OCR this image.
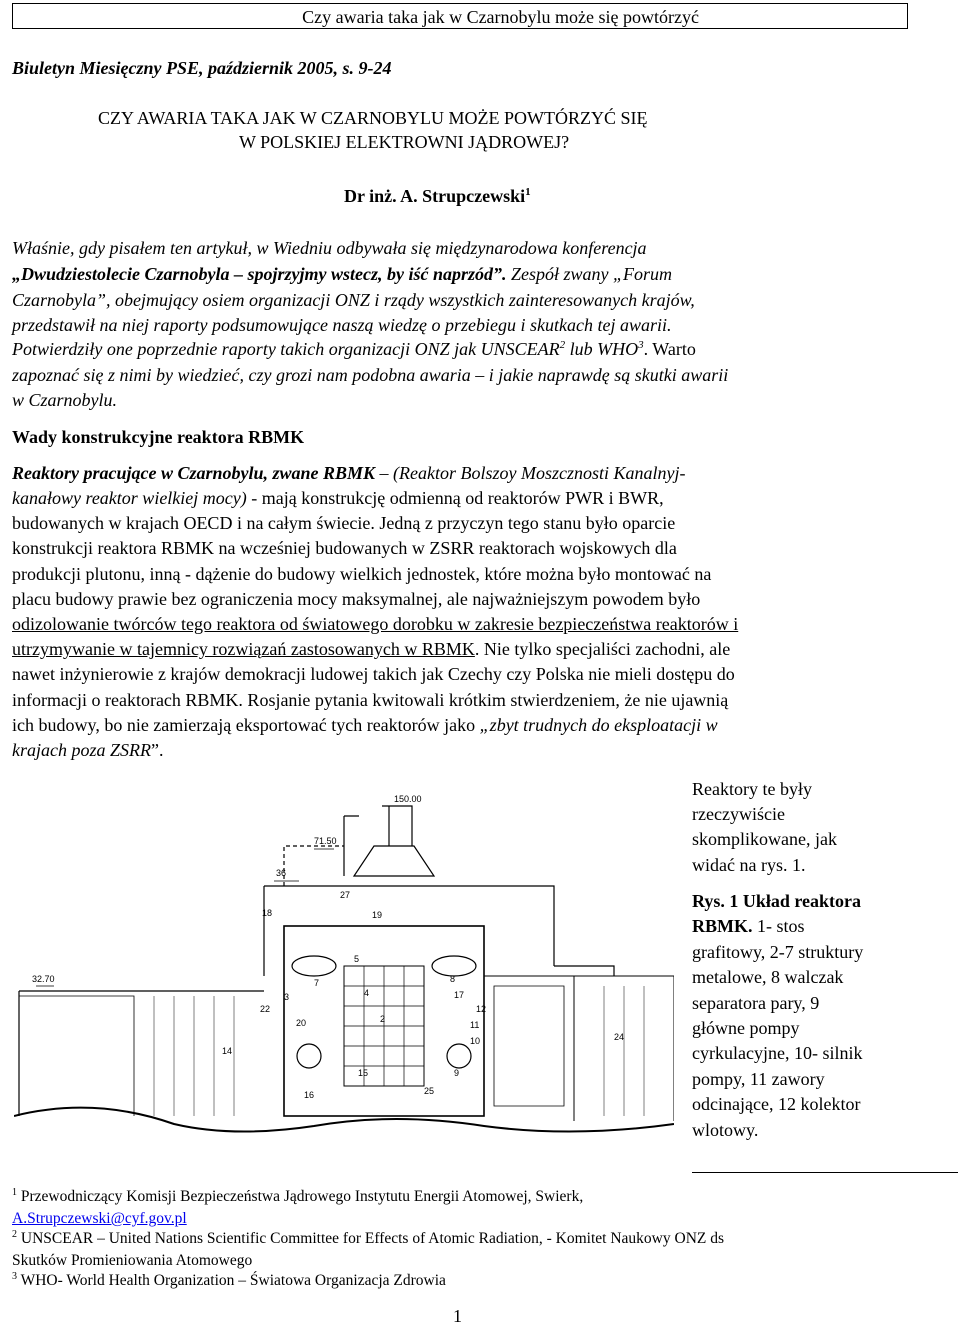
Czy awaria taka jak w Czarnobylu może się powtórzyć
Biuletyn Miesięczny PSE, październik 2005, s. 9-24
CZY AWARIA TAKA JAK W CZARNOBYLU MOŻE POWTÓRZYĆ SIĘ
W POLSKIEJ ELEKTROWNI JĄDROWEJ?
Dr inż. A. Strupczewski$^1$
Właśnie, gdy pisałem ten artykuł, w Wiedniu odbywała się międzynarodowa konferencja
„Dwudziestolecie Czarnobyla – spojrzyjmy wstecz, by iść naprzód”. Zespół zwany „Forum
Czarnobyla”, obejmujący osiem organizacji ONZ i rządy wszystkich zainteresowanych krajów,
przedstawił na niej raporty podsumowujące naszą wiedzę o przebiegu i skutkach tej awarii.
Potwierdziły one poprzednie raporty takich organizacji ONZ jak UNSCEAR$^2$ lub WHO$^3$. Warto
zapoznać się z nimi by wiedzieć, czy grozi nam podobna awaria – i jakie naprawdę są skutki awarii
w Czarnobylu.
Wady konstrukcyjne reaktora RBMK
Reaktory pracujące w Czarnobylu, zwane RBMK – (Reaktor Bolszoy Moszcznosti Kanalnyj-
kanałowy reaktor wielkiej mocy) - mają konstrukcję odmienną od reaktorów PWR i BWR,
budowanych w krajach OECD i na całym świecie. Jedną z przyczyn tego stanu było oparcie
konstrukcji reaktora RBMK na wcześniej budowanych w ZSRR reaktorach wojskowych dla
produkcji plutonu, inną - dążenie do budowy wielkich jednostek, które można było montować na
placu budowy prawie bez ograniczenia mocy maksymalnej, ale najważniejszym powodem było
odizolowanie twórców tego reaktora od światowego dorobku w zakresie bezpieczeństwa reaktorów i
utrzymywanie w tajemnicy rozwiązań zastosowanych w RBMK. Nie tylko specjaliści zachodni, ale
nawet inżynierowie z krajów demokracji ludowej takich jak Czechy czy Polska nie mieli dostępu do
informacji o reaktorach RBMK. Rosjanie pytania kwitowali krótkim stwierdzeniem, że nie ujawnią
ich budowy, bo nie zamierzają eksportować tych reaktorów jako „zbyt trudnych do eksploatacji w
krajach poza ZSRR”.
Reaktory te były
rzeczywiście
skomplikowane, jak
widać na rys. 1.
Rys. 1 Układ reaktora
RBMK. 1- stos
grafitowy, 2-7 struktury
metalowe, 8 walczak
separatora pary, 9
główne pompy
cyrkulacyjne, 10- silnik
pompy, 11 zawory
odcinające, 12 kolektor
wlotowy.
150.00
71.50
36
32.70
27
18	19
7
2
5
8
9
10
11
12
15
16
20
22
14
4
3
24
25
17
$^1$ Przewodniczący Komisji Bezpieczeństwa Jądrowego Instytutu Energii Atomowej, Swierk,
A.Strupczewski@cyf.gov.pl
$^2$ UNSCEAR – United Nations Scientific Committee for Effects of Atomic Radiation, - Komitet Naukowy ONZ ds
Skutków Promieniowania Atomowego
$^3$ WHO- World Health Organization – Światowa Organizacja Zdrowia
1
